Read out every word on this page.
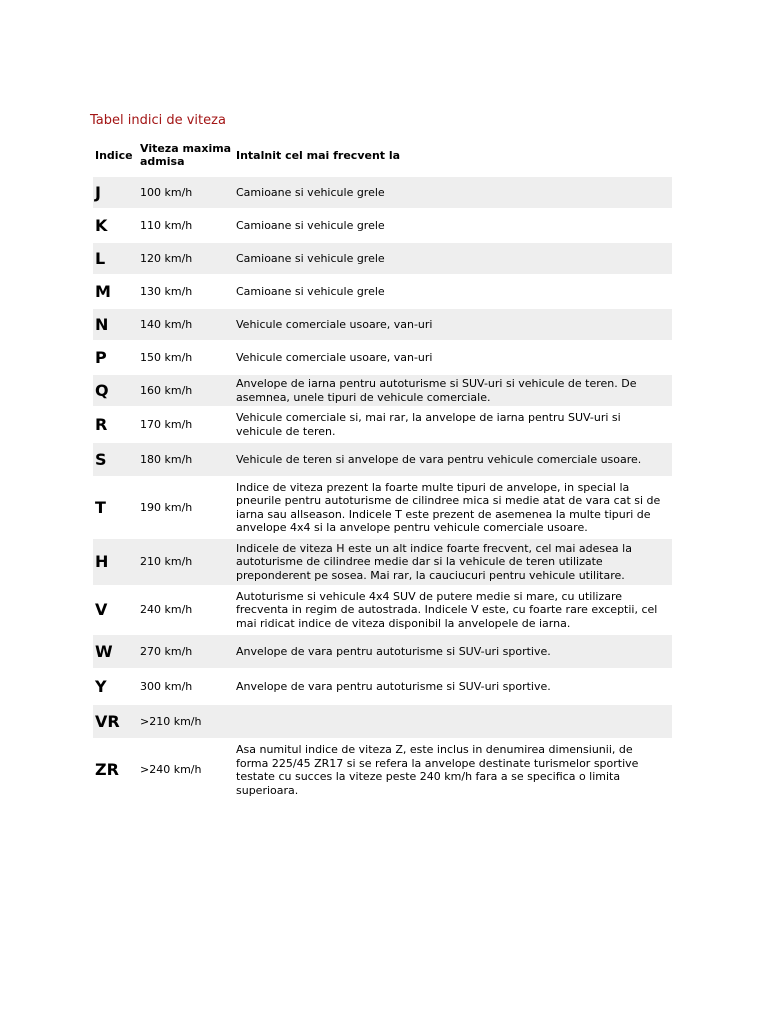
Tabel indici de viteza
Indice	Viteza maxima admisa	Intalnit cel mai frecvent la
J	100 km/h	Camioane si vehicule grele
K	110 km/h	Camioane si vehicule grele
L	120 km/h	Camioane si vehicule grele
M	130 km/h	Camioane si vehicule grele
N	140 km/h	Vehicule comerciale usoare, van-uri
P	150 km/h	Vehicule comerciale usoare, van-uri
Q	160 km/h	Anvelope de iarna pentru autoturisme si SUV-uri si vehicule de teren. De asemnea, unele tipuri de vehicule comerciale.
R	170 km/h	Vehicule comerciale si, mai rar, la anvelope de iarna pentru SUV-uri si vehicule de teren.
S	180 km/h	Vehicule de teren si anvelope de vara pentru vehicule comerciale usoare.
T	190 km/h	Indice de viteza prezent la foarte multe tipuri de anvelope, in special la pneurile pentru autoturisme de cilindree mica si medie atat de vara cat si de iarna sau allseason. Indicele T este prezent de asemenea la multe tipuri de anvelope 4x4 si la anvelope pentru vehicule comerciale usoare.
H	210 km/h	Indicele de viteza H este un alt indice foarte frecvent, cel mai adesea la autoturisme de cilindree medie dar si la vehicule de teren utilizate preponderent pe sosea. Mai rar, la cauciucuri pentru vehicule utilitare.
V	240 km/h	Autoturisme si vehicule 4x4 SUV de putere medie si mare, cu utilizare frecventa in regim de autostrada. Indicele V este, cu foarte rare exceptii, cel mai ridicat indice de viteza disponibil la anvelopele de iarna.
W	270 km/h	Anvelope de vara pentru autoturisme si SUV-uri sportive.
Y	300 km/h	Anvelope de vara pentru autoturisme si SUV-uri sportive.
VR	>210 km/h	
ZR	>240 km/h	Asa numitul indice de viteza Z, este inclus in denumirea dimensiunii, de forma 225/45 ZR17 si se refera la anvelope destinate turismelor sportive testate cu succes la viteze peste 240 km/h fara a se specifica o limita superioara.
